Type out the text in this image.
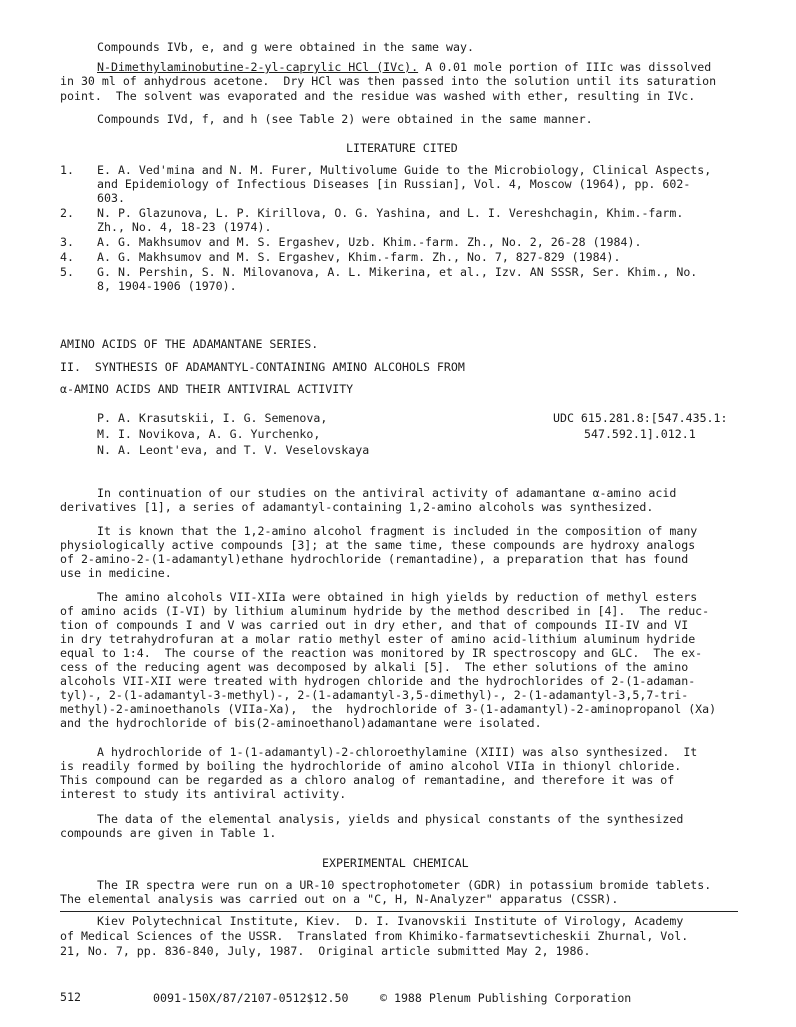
Compounds IVb, e, and g were obtained in the same way.
N-Dimethylaminobutine-2-yl-caprylic HCl (IVc). A 0.01 mole portion of IIIc was dissolved
in 30 ml of anhydrous acetone.  Dry HCl was then passed into the solution until its saturation
point.  The solvent was evaporated and the residue was washed with ether, resulting in IVc.
Compounds IVd, f, and h (see Table 2) were obtained in the same manner.
LITERATURE CITED
1. E. A. Ved'mina and N. M. Furer, Multivolume Guide to the Microbiology, Clinical Aspects,
and Epidemiology of Infectious Diseases [in Russian], Vol. 4, Moscow (1964), pp. 602-
603.
2. N. P. Glazunova, L. P. Kirillova, O. G. Yashina, and L. I. Vereshchagin, Khim.-farm.
Zh., No. 4, 18-23 (1974).
3. A. G. Makhsumov and M. S. Ergashev, Uzb. Khim.-farm. Zh., No. 2, 26-28 (1984).
4. A. G. Makhsumov and M. S. Ergashev, Khim.-farm. Zh., No. 7, 827-829 (1984).
5. G. N. Pershin, S. N. Milovanova, A. L. Mikerina, et al., Izv. AN SSSR, Ser. Khim., No.
8, 1904-1906 (1970).
AMINO ACIDS OF THE ADAMANTANE SERIES.
II.  SYNTHESIS OF ADAMANTYL-CONTAINING AMINO ALCOHOLS FROM
α-AMINO ACIDS AND THEIR ANTIVIRAL ACTIVITY
P. A. Krasutskii, I. G. Semenova,
M. I. Novikova, A. G. Yurchenko,
N. A. Leont'eva, and T. V. Veselovskaya
UDC 615.281.8:[547.435.1:
547.592.1].012.1
In continuation of our studies on the antiviral activity of adamantane α-amino acid
derivatives [1], a series of adamantyl-containing 1,2-amino alcohols was synthesized.
It is known that the 1,2-amino alcohol fragment is included in the composition of many
physiologically active compounds [3]; at the same time, these compounds are hydroxy analogs
of 2-amino-2-(1-adamantyl)ethane hydrochloride (remantadine), a preparation that has found
use in medicine.
The amino alcohols VII-XIIa were obtained in high yields by reduction of methyl esters
of amino acids (I-VI) by lithium aluminum hydride by the method described in [4].  The reduc-
tion of compounds I and V was carried out in dry ether, and that of compounds II-IV and VI
in dry tetrahydrofuran at a molar ratio methyl ester of amino acid-lithium aluminum hydride
equal to 1:4.  The course of the reaction was monitored by IR spectroscopy and GLC.  The ex-
cess of the reducing agent was decomposed by alkali [5].  The ether solutions of the amino
alcohols VII-XII were treated with hydrogen chloride and the hydrochlorides of 2-(1-adaman-
tyl)-, 2-(1-adamantyl-3-methyl)-, 2-(1-adamantyl-3,5-dimethyl)-, 2-(1-adamantyl-3,5,7-tri-
methyl)-2-aminoethanols (VIIa-Xa),  the  hydrochloride of 3-(1-adamantyl)-2-aminopropanol (Xa)
and the hydrochloride of bis(2-aminoethanol)adamantane were isolated.
A hydrochloride of 1-(1-adamantyl)-2-chloroethylamine (XIII) was also synthesized.  It
is readily formed by boiling the hydrochloride of amino alcohol VIIa in thionyl chloride.
This compound can be regarded as a chloro analog of remantadine, and therefore it was of
interest to study its antiviral activity.
The data of the elemental analysis, yields and physical constants of the synthesized
compounds are given in Table 1.
EXPERIMENTAL CHEMICAL
The IR spectra were run on a UR-10 spectrophotometer (GDR) in potassium bromide tablets.
The elemental analysis was carried out on a "C, H, N-Analyzer" apparatus (CSSR).
Kiev Polytechnical Institute, Kiev.  D. I. Ivanovskii Institute of Virology, Academy
of Medical Sciences of the USSR.  Translated from Khimiko-farmatsevticheskii Zhurnal, Vol.
21, No. 7, pp. 836-840, July, 1987.  Original article submitted May 2, 1986.
512	0091-150X/87/2107-0512$12.50	© 1988 Plenum Publishing Corporation
